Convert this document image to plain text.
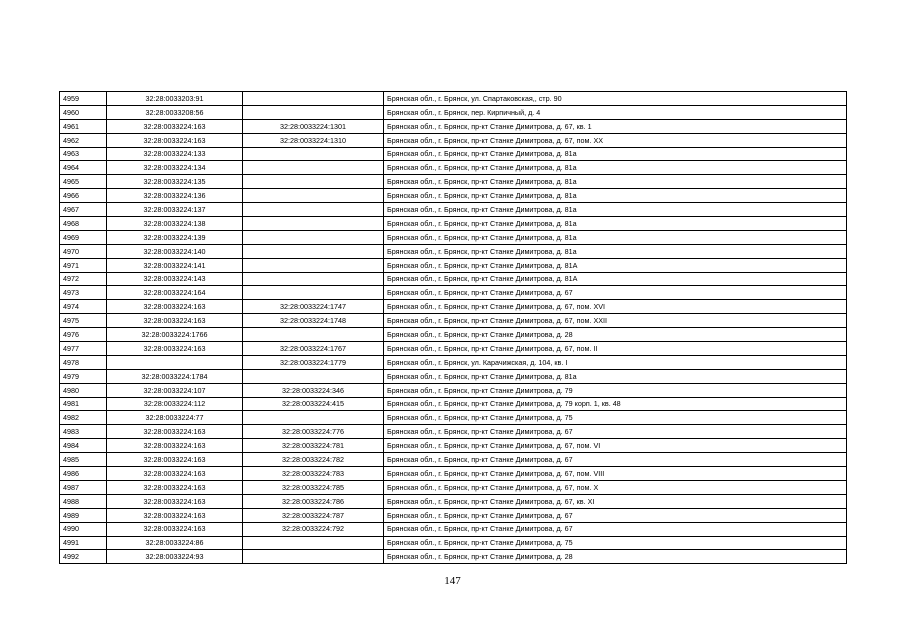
4959	32:28:0033203:91		Брянская обл., г. Брянск, ул. Спартаковская,, стр. 90
4960	32:28:0033208:56		Брянская обл., г. Брянск, пер. Кирпичный, д. 4
4961	32:28:0033224:163	32:28:0033224:1301	Брянская обл., г. Брянск, пр-кт Станке Димитрова, д. 67, кв. 1
4962	32:28:0033224:163	32:28:0033224:1310	Брянская обл., г. Брянск, пр-кт Станке Димитрова, д. 67, пом. XX
4963	32:28:0033224:133		Брянская обл., г. Брянск, пр-кт Станке Димитрова, д. 81а
4964	32:28:0033224:134		Брянская обл., г. Брянск, пр-кт Станке Димитрова, д. 81а
4965	32:28:0033224:135		Брянская обл., г. Брянск, пр-кт Станке Димитрова, д. 81а
4966	32:28:0033224:136		Брянская обл., г. Брянск, пр-кт Станке Димитрова, д. 81а
4967	32:28:0033224:137		Брянская обл., г. Брянск, пр-кт Станке Димитрова, д. 81а
4968	32:28:0033224:138		Брянская обл., г. Брянск, пр-кт Станке Димитрова, д. 81а
4969	32:28:0033224:139		Брянская обл., г. Брянск, пр-кт Станке Димитрова, д. 81а
4970	32:28:0033224:140		Брянская обл., г. Брянск, пр-кт Станке Димитрова, д. 81а
4971	32:28:0033224:141		Брянская обл., г. Брянск, пр-кт Станке Димитрова, д. 81А
4972	32:28:0033224:143		Брянская обл., г. Брянск, пр-кт Станке Димитрова, д. 81А
4973	32:28:0033224:164		Брянская обл., г. Брянск, пр-кт Станке Димитрова, д. 67
4974	32:28:0033224:163	32:28:0033224:1747	Брянская обл., г. Брянск, пр-кт Станке Димитрова, д. 67, пом. XVI
4975	32:28:0033224:163	32:28:0033224:1748	Брянская обл., г. Брянск, пр-кт Станке Димитрова, д. 67, пом. XXII
4976	32:28:0033224:1766		Брянская обл., г. Брянск, пр-кт Станке Димитрова, д. 28
4977	32:28:0033224:163	32:28:0033224:1767	Брянская обл., г. Брянск, пр-кт Станке Димитрова, д. 67, пом. II
4978		32:28:0033224:1779	Брянская обл., г. Брянск, ул. Карачижская, д. 104, кв. I
4979	32:28:0033224:1784		Брянская обл., г. Брянск, пр-кт Станке Димитрова, д. 81а
4980	32:28:0033224:107	32:28:0033224:346	Брянская обл., г. Брянск, пр-кт Станке Димитрова, д. 79
4981	32:28:0033224:112	32:28:0033224:415	Брянская обл., г. Брянск, пр-кт Станке Димитрова, д. 79 корп. 1, кв. 48
4982	32:28:0033224:77		Брянская обл., г. Брянск, пр-кт Станке Димитрова, д. 75
4983	32:28:0033224:163	32:28:0033224:776	Брянская обл., г. Брянск, пр-кт Станке Димитрова, д. 67
4984	32:28:0033224:163	32:28:0033224:781	Брянская обл., г. Брянск, пр-кт Станке Димитрова, д. 67, пом. VI
4985	32:28:0033224:163	32:28:0033224:782	Брянская обл., г. Брянск, пр-кт Станке Димитрова, д. 67
4986	32:28:0033224:163	32:28:0033224:783	Брянская обл., г. Брянск, пр-кт Станке Димитрова, д. 67, пом. VIII
4987	32:28:0033224:163	32:28:0033224:785	Брянская обл., г. Брянск, пр-кт Станке Димитрова, д. 67, пом. X
4988	32:28:0033224:163	32:28:0033224:786	Брянская обл., г. Брянск, пр-кт Станке Димитрова, д. 67, кв. XI
4989	32:28:0033224:163	32:28:0033224:787	Брянская обл., г. Брянск, пр-кт Станке Димитрова, д. 67
4990	32:28:0033224:163	32:28:0033224:792	Брянская обл., г. Брянск, пр-кт Станке Димитрова, д. 67
4991	32:28:0033224:86		Брянская обл., г. Брянск, пр-кт Станке Димитрова, д. 75
4992	32:28:0033224:93		Брянская обл., г. Брянск, пр-кт Станке Димитрова, д. 28
147
